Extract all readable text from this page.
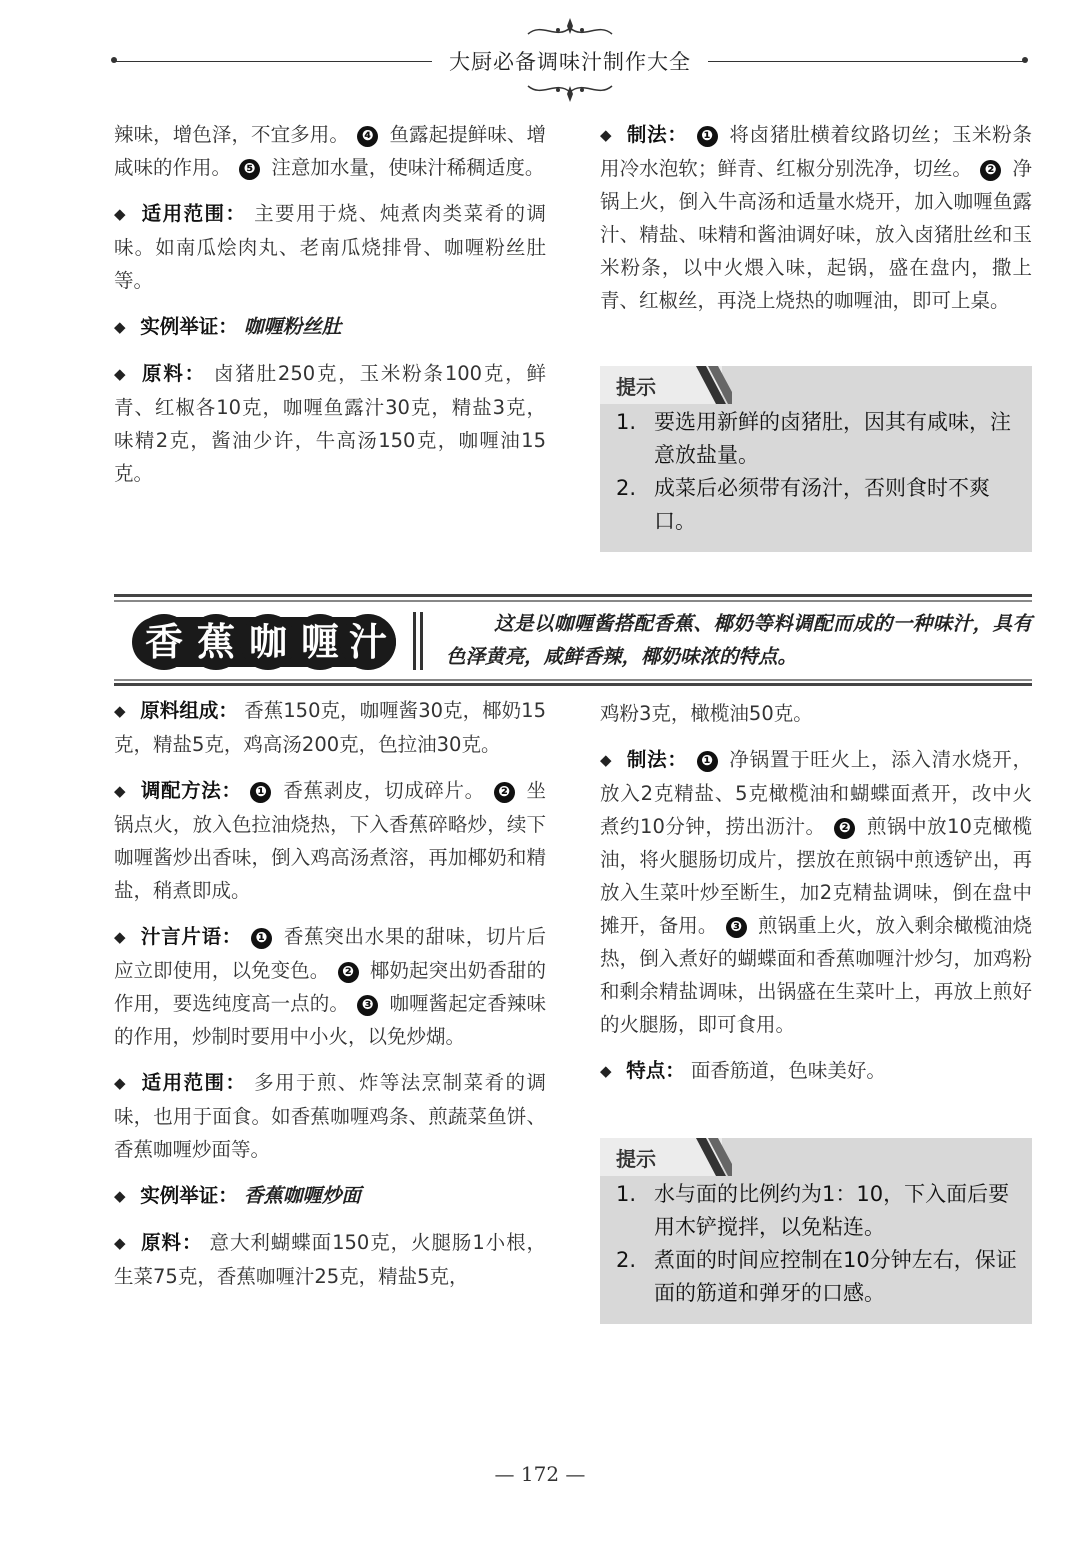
大厨必备调味汁制作大全

辣味，增色泽，不宜多用。 ❹ 鱼露起提鲜味、增咸味的作用。 ❺ 注意加水量，使味汁稀稠适度。

◆ 适用范围： 主要用于烧、炖煮肉类菜肴的调味。如南瓜烩肉丸、老南瓜烧排骨、咖喱粉丝肚等。

◆ 实例举证： 咖喱粉丝肚

◆ 原料： 卤猪肚250克，玉米粉条100克，鲜青、红椒各10克，咖喱鱼露汁30克，精盐3克，味精2克，酱油少许，牛高汤150克，咖喱油15克。

◆ 制法： ❶ 将卤猪肚横着纹路切丝；玉米粉条用冷水泡软；鲜青、红椒分别洗净，切丝。 ❷ 净锅上火，倒入牛高汤和适量水烧开，加入咖喱鱼露汁、精盐、味精和酱油调好味，放入卤猪肚丝和玉米粉条，以中火煨入味，起锅，盛在盘内，撒上青、红椒丝，再浇上烧热的咖喱油，即可上桌。

提示
1. 要选用新鲜的卤猪肚，因其有咸味，注意放盐量。
2. 成菜后必须带有汤汁，否则食时不爽口。
香 蕉 咖 喱 汁	这是以咖喱酱搭配香蕉、椰奶等料调配而成的一种味汁，具有色泽黄亮，咸鲜香辣，椰奶味浓的特点。

◆ 原料组成： 香蕉150克，咖喱酱30克，椰奶15克，精盐5克，鸡高汤200克，色拉油30克。

◆ 调配方法： ❶ 香蕉剥皮，切成碎片。 ❷ 坐锅点火，放入色拉油烧热，下入香蕉碎略炒，续下咖喱酱炒出香味，倒入鸡高汤煮溶，再加椰奶和精盐，稍煮即成。

◆ 汁言片语： ❶ 香蕉突出水果的甜味，切片后应立即使用，以免变色。 ❷ 椰奶起突出奶香甜的作用，要选纯度高一点的。 ❸ 咖喱酱起定香辣味的作用，炒制时要用中小火，以免炒煳。

◆ 适用范围： 多用于煎、炸等法烹制菜肴的调味，也用于面食。如香蕉咖喱鸡条、煎蔬菜鱼饼、香蕉咖喱炒面等。

◆ 实例举证： 香蕉咖喱炒面

◆ 原料： 意大利蝴蝶面150克，火腿肠1小根，生菜75克，香蕉咖喱汁25克，精盐5克，

鸡粉3克，橄榄油50克。

◆ 制法： ❶ 净锅置于旺火上，添入清水烧开，放入2克精盐、5克橄榄油和蝴蝶面煮开，改中火煮约10分钟，捞出沥汁。 ❷ 煎锅中放10克橄榄油，将火腿肠切成片，摆放在煎锅中煎透铲出，再放入生菜叶炒至断生，加2克精盐调味，倒在盘中摊开，备用。 ❸ 煎锅重上火，放入剩余橄榄油烧热，倒入煮好的蝴蝶面和香蕉咖喱汁炒匀，加鸡粉和剩余精盐调味，出锅盛在生菜叶上，再放上煎好的火腿肠，即可食用。

◆ 特点： 面香筋道，色味美好。

提示
1. 水与面的比例约为1：10，下入面后要用木铲搅拌，以免粘连。
2. 煮面的时间应控制在10分钟左右，保证面的筋道和弹牙的口感。
— 172 —
